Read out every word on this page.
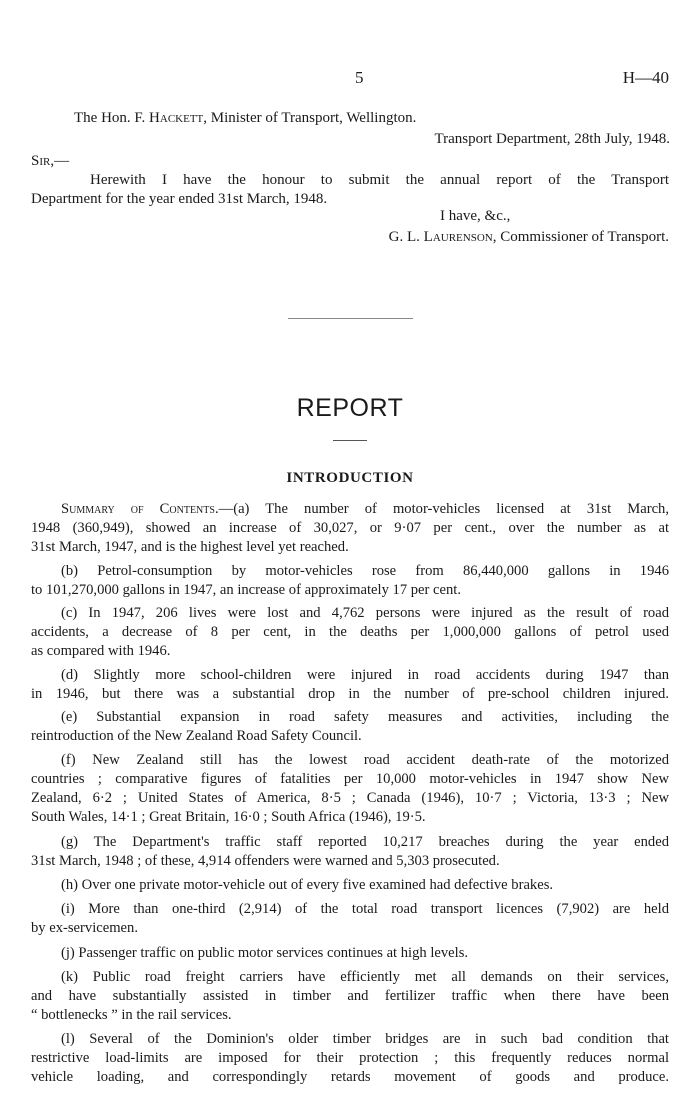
5	H—40
The Hon. F. Hackett, Minister of Transport, Wellington.
Transport Department, 28th July, 1948.
Sir,—
Herewith I have the honour to submit the annual report of the Transport
Department for the year ended 31st March, 1948.
I have, &c.,
G. L. Laurenson, Commissioner of Transport.
REPORT
INTRODUCTION
Summary of Contents.—(a) The number of motor-vehicles licensed at 31st March,
1948 (360,949), showed an increase of 30,027, or 9·07 per cent., over the number as at
31st March, 1947, and is the highest level yet reached.
(b) Petrol-consumption by motor-vehicles rose from 86,440,000 gallons in 1946
to 101,270,000 gallons in 1947, an increase of approximately 17 per cent.
(c) In 1947, 206 lives were lost and 4,762 persons were injured as the result of road
accidents, a decrease of 8 per cent, in the deaths per 1,000,000 gallons of petrol used
as compared with 1946.
(d) Slightly more school-children were injured in road accidents during 1947 than
in 1946, but there was a substantial drop in the number of pre-school children injured.
(e) Substantial expansion in road safety measures and activities, including the
reintroduction of the New Zealand Road Safety Council.
(f) New Zealand still has the lowest road accident death-rate of the motorized
countries ; comparative figures of fatalities per 10,000 motor-vehicles in 1947 show New
Zealand, 6·2 ; United States of America, 8·5 ; Canada (1946), 10·7 ; Victoria, 13·3 ; New
South Wales, 14·1 ; Great Britain, 16·0 ; South Africa (1946), 19·5.
(g) The Department's traffic staff reported 10,217 breaches during the year ended
31st March, 1948 ; of these, 4,914 offenders were warned and 5,303 prosecuted.
(h) Over one private motor-vehicle out of every five examined had defective brakes.
(i) More than one-third (2,914) of the total road transport licences (7,902) are held
by ex-servicemen.
(j) Passenger traffic on public motor services continues at high levels.
(k) Public road freight carriers have efficiently met all demands on their services,
and have substantially assisted in timber and fertilizer traffic when there have been
“ bottlenecks ” in the rail services.
(l) Several of the Dominion's older timber bridges are in such bad condition that
restrictive load-limits are imposed for their protection ; this frequently reduces normal
vehicle loading, and correspondingly retards movement of goods and produce.
